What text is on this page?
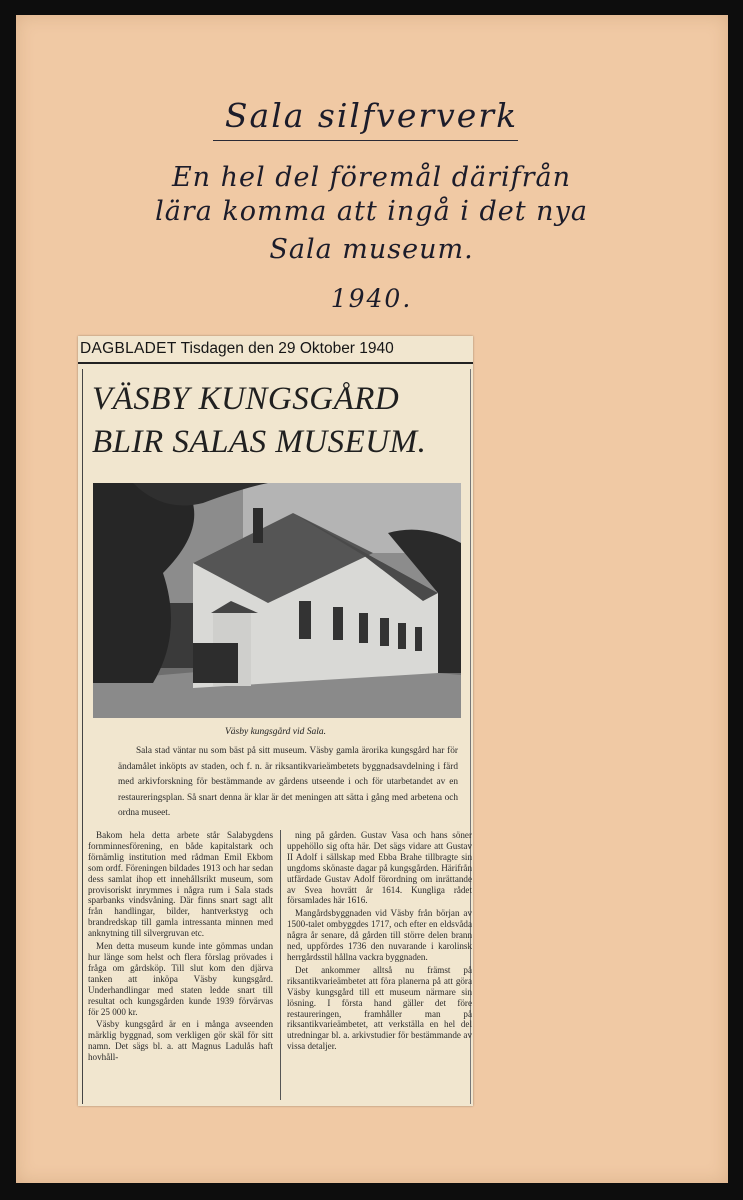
Sala silfververk
En hel del föremål därifrån
lära komma att ingå i det nya
Sala museum.
1940.
DAGBLADET Tisdagen den 29 Oktober 1940
VÄSBY KUNGSGÅRD
BLIR SALAS MUSEUM.
Väsby kungsgård vid Sala.
Sala stad väntar nu som bäst på sitt museum. Väsby gamla ärorika kungsgård har för ändamålet inköpts av staden, och f. n. är riksantikvarieämbetets byggnadsavdelning i färd med arkivforskning för bestämmande av gårdens utseende i och för utarbetandet av en restaureringsplan. Så snart denna är klar är det meningen att sätta i gång med arbetena och ordna museet.

Bakom hela detta arbete står Salabygdens fornminnesförening, en både kapitalstark och förnämlig institution med rådman Emil Ekbom som ordf. Föreningen bildades 1913 och har sedan dess samlat ihop ett innehållsrikt museum, som provisoriskt inrymmes i några rum i Sala stads sparbanks vindsvåning. Där finns snart sagt allt från handlingar, bilder, hantverkstyg och brandredskap till gamla intressanta minnen med anknytning till silvergruvan etc.

Men detta museum kunde inte gömmas undan hur länge som helst och flera förslag prövades i fråga om gårdsköp. Till slut kom den djärva tanken att inköpa Väsby kungsgård. Underhandlingar med staten ledde snart till resultat och kungsgården kunde 1939 förvärvas för 25 000 kr.

Väsby kungsgård är en i många avseenden märklig byggnad, som verkligen gör skäl för sitt namn. Det sägs bl. a. att Magnus Ladulås haft hovhåll-

ning på gården. Gustav Vasa och hans söner uppehöllo sig ofta här. Det sägs vidare att Gustav II Adolf i sällskap med Ebba Brahe tillbragte sin ungdoms skönaste dagar på kungsgården. Härifrån utfärdade Gustav Adolf förordning om inrättande av Svea hovrätt år 1614. Kungliga rådet församlades här 1616.

Mangårdsbyggnaden vid Väsby från början av 1500-talet ombyggdes 1717, och efter en eldsvåda några år senare, då gården till större delen brann ned, uppfördes 1736 den nuvarande i karolinsk herrgårdsstil hållna vackra byggnaden.

Det ankommer alltså nu främst på riksantikvarieämbetet att föra planerna på att göra Väsby kungsgård till ett museum närmare sin lösning. I första hand gäller det före restaureringen, framhåller man på riksantikvarieämbetet, att verkställa en hel del utredningar bl. a. arkivstudier för bestämmande av vissa detaljer.
